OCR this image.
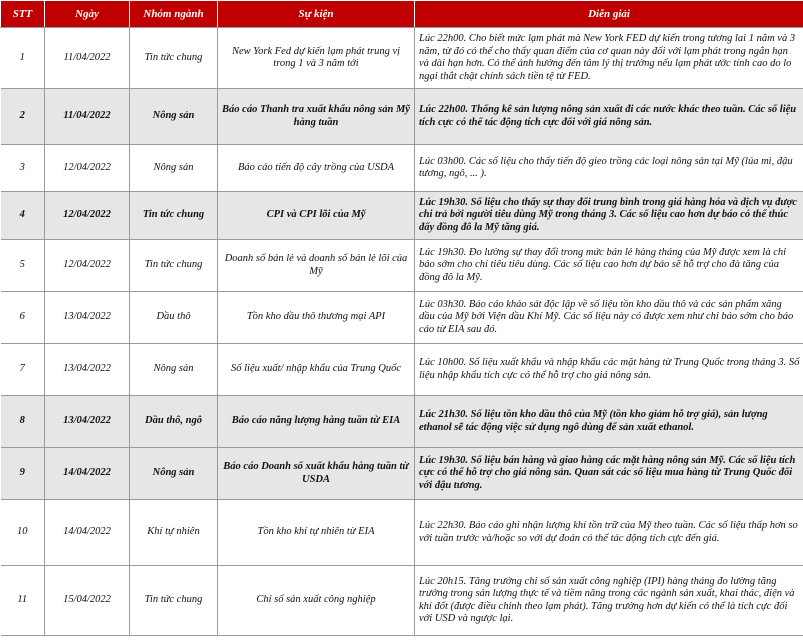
STT	Ngày	Nhóm ngành	Sự kiện	Diễn giải
1	11/04/2022	Tin tức chung	New York Fed dự kiến lạm phát trung vị trong 1 và 3 năm tới	Lúc 22h00. Cho biết mức lạm phát mà New York FED dự kiến trong tương lai 1 năm và 3 năm, từ đó có thể cho thấy quan điểm của cơ quan này đối với lạm phát trong ngắn hạn và dài hạn hơn. Có thể ảnh hưởng đến tâm lý thị trường nếu lạm phát ước tính cao do lo ngại thắt chặt chính sách tiền tệ từ FED.
2	11/04/2022	Nông sản	Báo cáo Thanh tra xuất khẩu nông sản Mỹ hàng tuần	Lúc 22h00. Thống kê sản lượng nông sản xuất đi các nước khác theo tuần. Các số liệu tích cực có thể tác động tích cực đối với giá nông sản.
3	12/04/2022	Nông sản	Báo cáo tiến độ cây trồng của USDA	Lúc 03h00. Các số liệu cho thấy tiến độ gieo trồng các loại nông sản tại Mỹ (lúa mì, đậu tương, ngô, ... ).
4	12/04/2022	Tin tức chung	CPI và CPI lõi của Mỹ	Lúc 19h30. Số liệu cho thấy sự thay đổi trung bình trong giá hàng hóa và dịch vụ được chi trả bởi người tiêu dùng Mỹ trong tháng 3. Các số liệu cao hơn dự báo có thể thúc đẩy đồng đô la Mỹ tăng giá.
5	12/04/2022	Tin tức chung	Doanh số bán lẻ và doanh số bán lẻ lõi của Mỹ	Lúc 19h30. Đo lường sự thay đổi trong mức bán lẻ hàng tháng của Mỹ được xem là chỉ báo sớm cho chi tiêu tiêu dùng. Các số liệu cao hơn dự báo sẽ hỗ trợ cho đà tăng của đồng đô la Mỹ.
6	13/04/2022	Dầu thô	Tồn kho dầu thô thương mại API	Lúc 03h30. Báo cáo khảo sát độc lập về số liệu tồn kho dầu thô và các sản phẩm xăng dầu của Mỹ bởi Viện dầu Khí Mỹ. Các số liệu này có được xem như chỉ báo sớm cho báo cáo từ EIA sau đó.
7	13/04/2022	Nông sản	Số liệu xuất/ nhập khẩu của Trung Quốc	Lúc 10h00. Số liệu xuất khẩu và nhập khẩu các mặt hàng từ Trung Quốc trong tháng 3. Số liệu nhập khẩu tích cực có thể hỗ trợ cho giá nông sản.
8	13/04/2022	Dầu thô, ngô	Báo cáo năng lượng hàng tuần từ EIA	Lúc 21h30. Số liệu tồn kho dầu thô của Mỹ (tồn kho giảm hỗ trợ giá), sản lượng ethanol sẽ tác động việc sử dụng ngô dùng để sản xuất ethanol.
9	14/04/2022	Nông sản	Báo cáo Doanh số xuất khẩu hàng tuần từ USDA	Lúc 19h30. Số liệu bán hàng và giao hàng các mặt hàng nông sản Mỹ. Các số liệu tích cực có thể hỗ trợ cho giá nông sản. Quan sát các số liệu mua hàng từ Trung Quốc đối với đậu tương.
10	14/04/2022	Khí tự nhiên	Tồn kho khí tự nhiên từ EIA	Lúc 22h30. Báo cáo ghi nhận lượng khí tồn trữ của Mỹ theo tuần. Các số liệu thấp hơn so với tuần trước và/hoặc so với dự đoán có thể tác động tích cực đến giá.
11	15/04/2022	Tin tức chung	Chỉ số sản xuất công nghiệp	Lúc 20h15. Tăng trưởng chỉ số sản xuất công nghiệp (IPI) hàng tháng đo lường tăng trưởng trong sản lượng thực tế và tiềm năng trong các ngành sản xuất, khai thác, điện và khí đốt (được điều chỉnh theo lạm phát). Tăng trưởng hơn dự kiến có thể là tích cực đối với USD và ngược lại.
